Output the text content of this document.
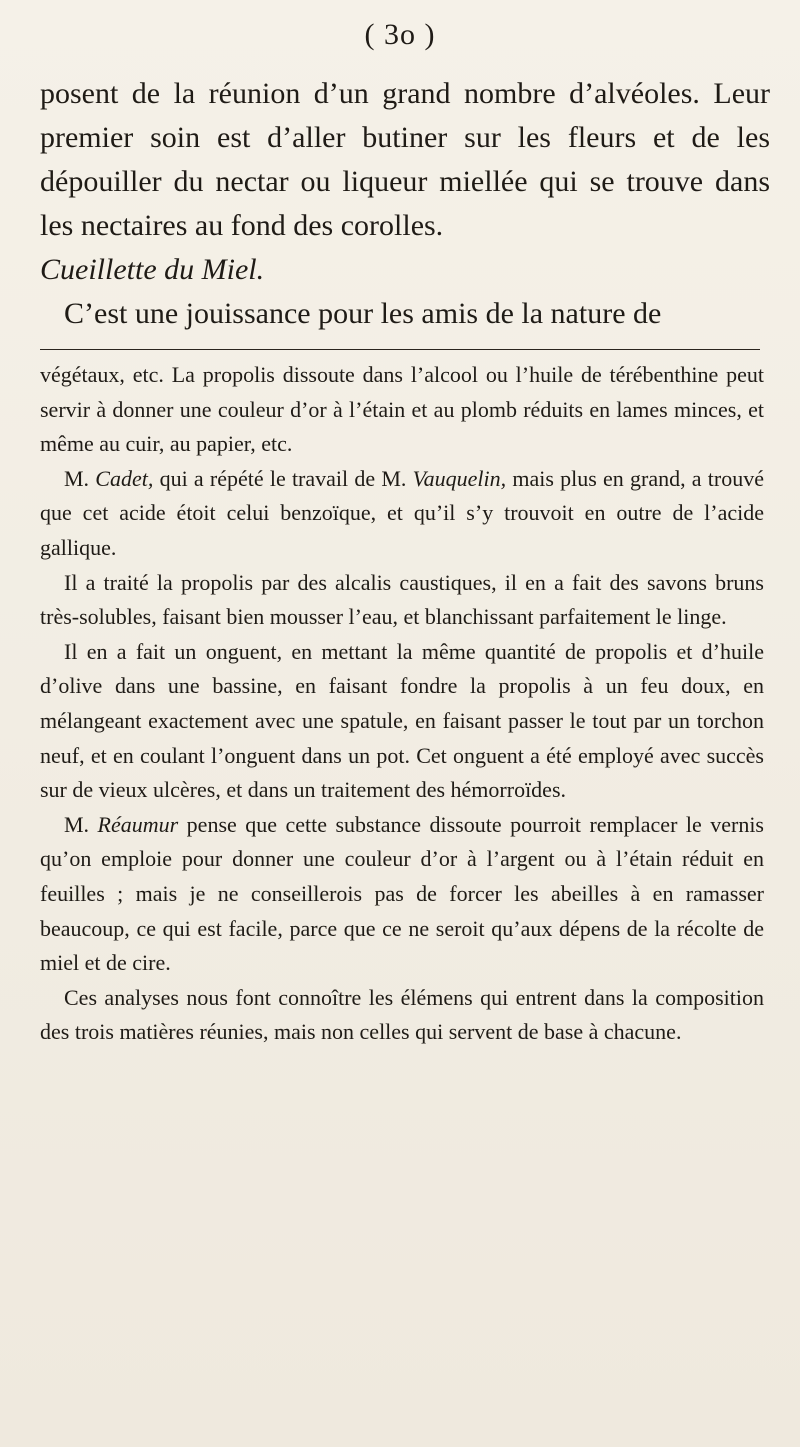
( 3o )

posent de la réunion d’un grand nombre d’alvéoles. Leur premier soin est d’aller butiner sur les fleurs et de les dépouiller du nectar ou liqueur miellée qui se trouve dans les nectaires au fond des corolles.

Cueillette du Miel.

C’est une jouissance pour les amis de la nature de

végétaux, etc. La propolis dissoute dans l’alcool ou l’huile de térébenthine peut servir à donner une couleur d’or à l’étain et au plomb réduits en lames minces, et même au cuir, au papier, etc.

M. Cadet, qui a répété le travail de M. Vauquelin, mais plus en grand, a trouvé que cet acide étoit celui benzoïque, et qu’il s’y trouvoit en outre de l’acide gallique.

Il a traité la propolis par des alcalis caustiques, il en a fait des savons bruns très-solubles, faisant bien mousser l’eau, et blanchissant parfaitement le linge.

Il en a fait un onguent, en mettant la même quantité de propolis et d’huile d’olive dans une bassine, en faisant fondre la propolis à un feu doux, en mélangeant exactement avec une spatule, en faisant passer le tout par un torchon neuf, et en coulant l’onguent dans un pot. Cet onguent a été employé avec succès sur de vieux ulcères, et dans un traitement des hémorroïdes.

M. Réaumur pense que cette substance dissoute pourroit remplacer le vernis qu’on emploie pour donner une couleur d’or à l’argent ou à l’étain réduit en feuilles ; mais je ne conseillerois pas de forcer les abeilles à en ramasser beaucoup, ce qui est facile, parce que ce ne seroit qu’aux dépens de la récolte de miel et de cire.

Ces analyses nous font connoître les élémens qui entrent dans la composition des trois matières réunies, mais non celles qui servent de base à chacune.
